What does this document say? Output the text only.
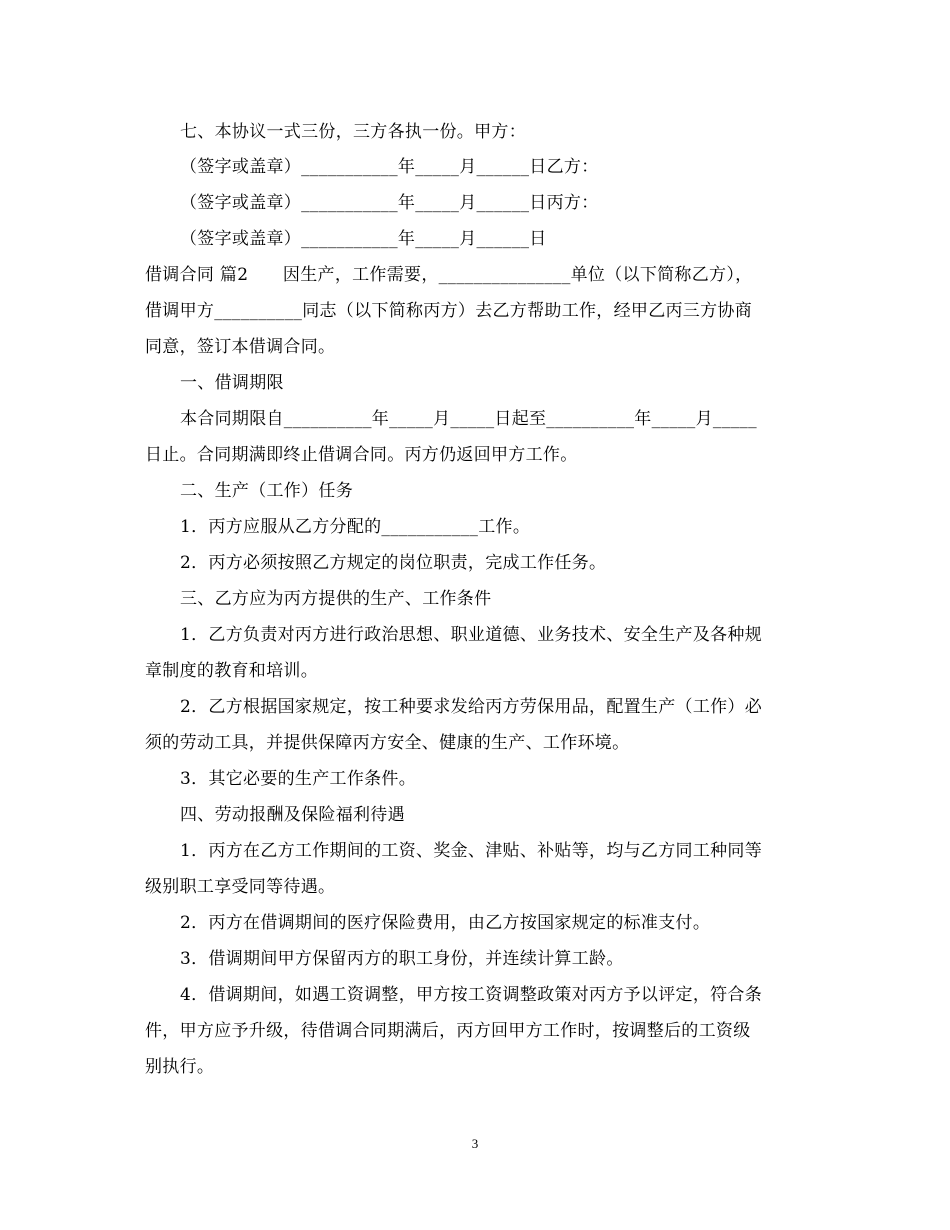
七、本协议一式三份，三方各执一份。甲方：
（签字或盖章）___________年_____月______日乙方：
（签字或盖章）___________年_____月______日丙方：
（签字或盖章）___________年_____月______日
借调合同 篇2　　因生产，工作需要，_______________单位（以下简称乙方），
借调甲方__________同志（以下简称丙方）去乙方帮助工作，经甲乙丙三方协商
同意，签订本借调合同。
一、借调期限
本合同期限自__________年_____月_____日起至__________年_____月_____
日止。合同期满即终止借调合同。丙方仍返回甲方工作。
二、生产（工作）任务
1．丙方应服从乙方分配的___________工作。
2．丙方必须按照乙方规定的岗位职责，完成工作任务。
三、乙方应为丙方提供的生产、工作条件
1．乙方负责对丙方进行政治思想、职业道德、业务技术、安全生产及各种规
章制度的教育和培训。
2．乙方根据国家规定，按工种要求发给丙方劳保用品，配置生产（工作）必
须的劳动工具，并提供保障丙方安全、健康的生产、工作环境。
3．其它必要的生产工作条件。
四、劳动报酬及保险福利待遇
1．丙方在乙方工作期间的工资、奖金、津贴、补贴等，均与乙方同工种同等
级别职工享受同等待遇。
2．丙方在借调期间的医疗保险费用，由乙方按国家规定的标准支付。
3．借调期间甲方保留丙方的职工身份，并连续计算工龄。
4．借调期间，如遇工资调整，甲方按工资调整政策对丙方予以评定，符合条
件，甲方应予升级，待借调合同期满后，丙方回甲方工作时，按调整后的工资级
别执行。
3
